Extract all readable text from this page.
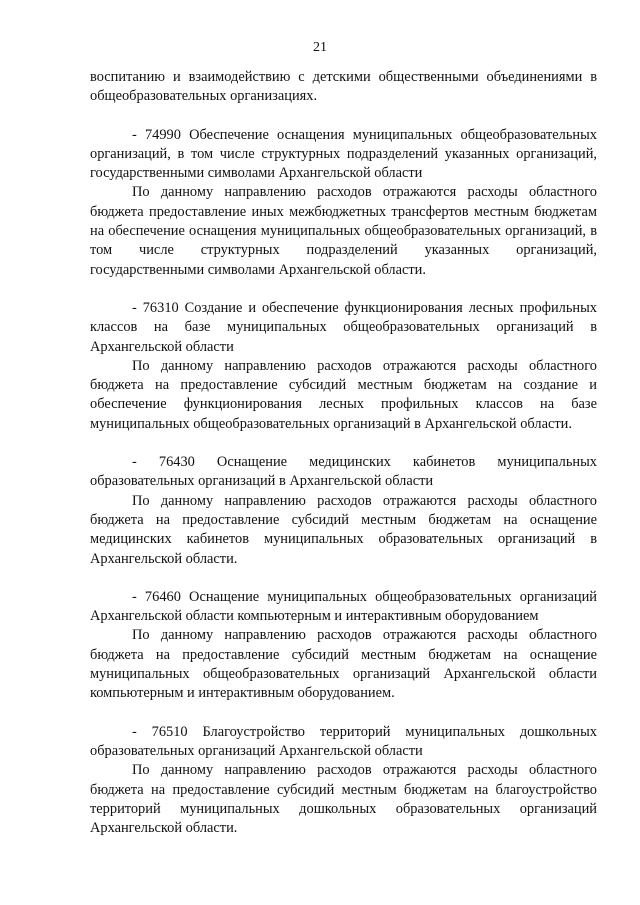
21

воспитанию и взаимодействию с детскими общественными объединениями в общеобразовательных организациях.

- 74990 Обеспечение оснащения муниципальных общеобразовательных организаций, в том числе структурных подразделений указанных организаций, государственными символами Архангельской области

По данному направлению расходов отражаются расходы областного бюджета предоставление иных межбюджетных трансфертов местным бюджетам на обеспечение оснащения муниципальных общеобразовательных организаций, в том числе структурных подразделений указанных организаций, государственными символами Архангельской области.

- 76310 Создание и обеспечение функционирования лесных профильных классов на базе муниципальных общеобразовательных организаций в Архангельской области

По данному направлению расходов отражаются расходы областного бюджета на предоставление субсидий местным бюджетам на создание и обеспечение функционирования лесных профильных классов на базе муниципальных общеобразовательных организаций в Архангельской области.

- 76430 Оснащение медицинских кабинетов муниципальных образовательных организаций в Архангельской области

По данному направлению расходов отражаются расходы областного бюджета на предоставление субсидий местным бюджетам на оснащение медицинских кабинетов муниципальных образовательных организаций в Архангельской области.

- 76460 Оснащение муниципальных общеобразовательных организаций Архангельской области компьютерным и интерактивным оборудованием

По данному направлению расходов отражаются расходы областного бюджета на предоставление субсидий местным бюджетам на оснащение муниципальных общеобразовательных организаций Архангельской области компьютерным и интерактивным оборудованием.

- 76510 Благоустройство территорий муниципальных дошкольных образовательных организаций Архангельской области

По данному направлению расходов отражаются расходы областного бюджета на предоставление субсидий местным бюджетам на благоустройство территорий муниципальных дошкольных образовательных организаций Архангельской области.
